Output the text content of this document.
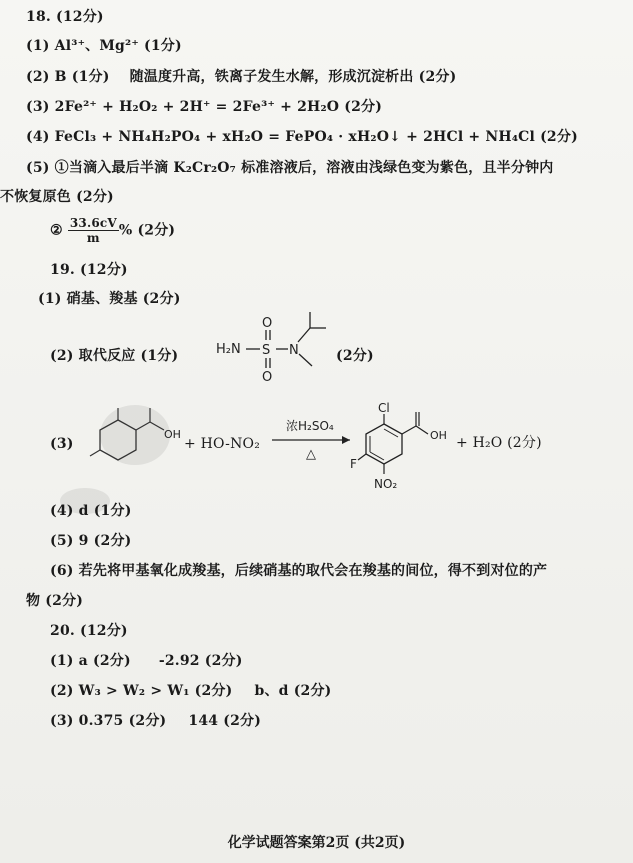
18. (12分)
(1) Al³⁺、Mg²⁺ (1分)
(2) B (1分) 随温度升高，铁离子发生水解，形成沉淀析出 (2分)
(3) 2Fe²⁺ + H₂O₂ + 2H⁺ = 2Fe³⁺ + 2H₂O (2分)
(4) FeCl₃ + NH₄H₂PO₄ + xH₂O = FePO₄ · xH₂O↓ + 2HCl + NH₄Cl (2分)
(5) ①当滴入最后半滴 K₂Cr₂O₇ 标准溶液后，溶液由浅绿色变为紫色，且半分钟内
不恢复原色 (2分)
② $\frac{33.6cV}{m}$ % (2分)
19. (12分)
(1) 硝基、羧基 (2分)
(2) 取代反应 (1分)	H₂N S
O
O
N	(2分)
(3)
OH
+ HO-NO₂
浓H₂SO₄
△
Cl
OH
F
NO₂
+ H₂O (2分)
(4) d (1分)
(5) 9 (2分)
(6) 若先将甲基氧化成羧基，后续硝基的取代会在羧基的间位，得不到对位的产
物 (2分)
20. (12分)
(1) a (2分) -2.92 (2分)
(2) W₃ > W₂ > W₁ (2分) b、d (2分)
(3) 0.375 (2分) 144 (2分)
化学试题答案第2页 (共2页)
